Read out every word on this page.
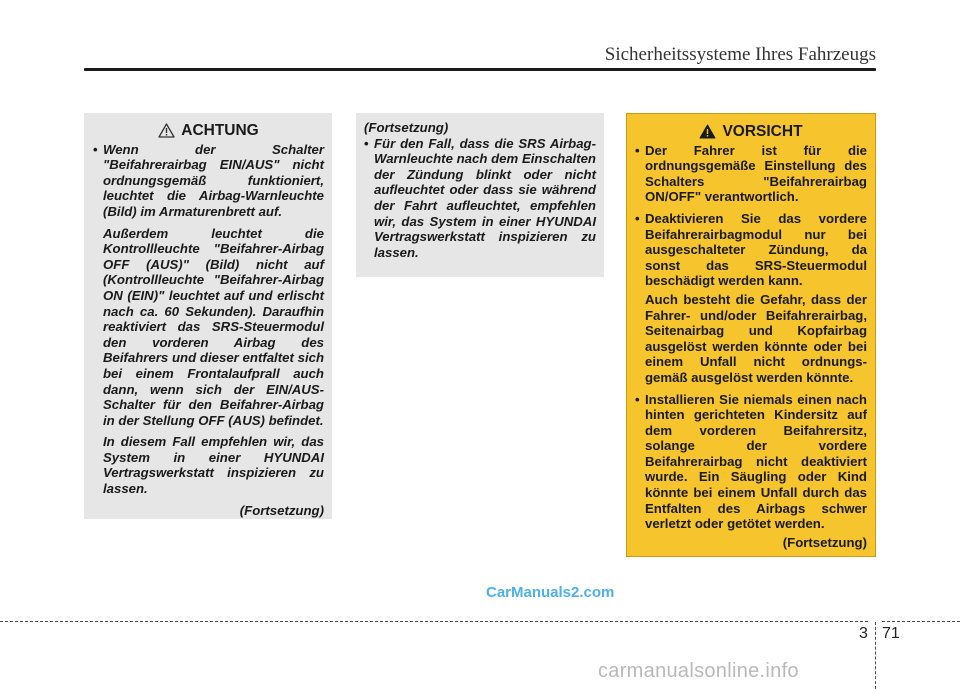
Sicherheitssysteme Ihres Fahrzeugs
ACHTUNG
• Wenn der Schalter "Beifahrerairbag EIN/AUS" nicht ordnungsgemäß funktioniert, leuchtet die Airbag-Warnleuchte (Bild) im Armaturenbrett auf.
Außerdem leuchtet die Kontrollleuchte "Beifahrer-Airbag OFF (AUS)" (Bild) nicht auf (Kontrollleuchte "Beifahrer-Airbag ON (EIN)" leuchtet auf und erlischt nach ca. 60 Sekunden). Daraufhin reaktiviert das SRS-Steuermodul den vorderen Airbag des Beifahrers und dieser entfaltet sich bei einem Frontalaufprall auch dann, wenn sich der EIN/AUS-Schalter für den Beifahrer-Airbag in der Stellung OFF (AUS) befindet.
In diesem Fall empfehlen wir, das System in einer HYUNDAI Vertragswerkstatt inspizieren zu lassen.
(Fortsetzung)
(Fortsetzung)
• Für den Fall, dass die SRS Airbag-Warnleuchte nach dem Einschalten der Zündung blinkt oder nicht aufleuchtet oder dass sie während der Fahrt aufleuchtet, empfehlen wir, das System in einer HYUNDAI Vertragswerkstatt inspizieren zu lassen.
VORSICHT
• Der Fahrer ist für die ordnungsgemäße Einstellung des Schalters "Beifahrerairbag ON/OFF" verantwortlich.
• Deaktivieren Sie das vordere Beifahrerairbagmodul nur bei ausgeschalteter Zündung, da sonst das SRS-Steuermodul beschädigt werden kann.
Auch besteht die Gefahr, dass der Fahrer- und/oder Beifahrerairbag, Seitenairbag und Kopfairbag ausgelöst werden könnte oder bei einem Unfall nicht ordnungs-gemäß ausgelöst werden könnte.
• Installieren Sie niemals einen nach hinten gerichteten Kindersitz auf dem vorderen Beifahrersitz, solange der vordere Beifahrerairbag nicht deaktiviert wurde. Ein Säugling oder Kind könnte bei einem Unfall durch das Entfalten des Airbags schwer verletzt oder getötet werden.
(Fortsetzung)
CarManuals2.com
3 71
carmanualsonline.info
